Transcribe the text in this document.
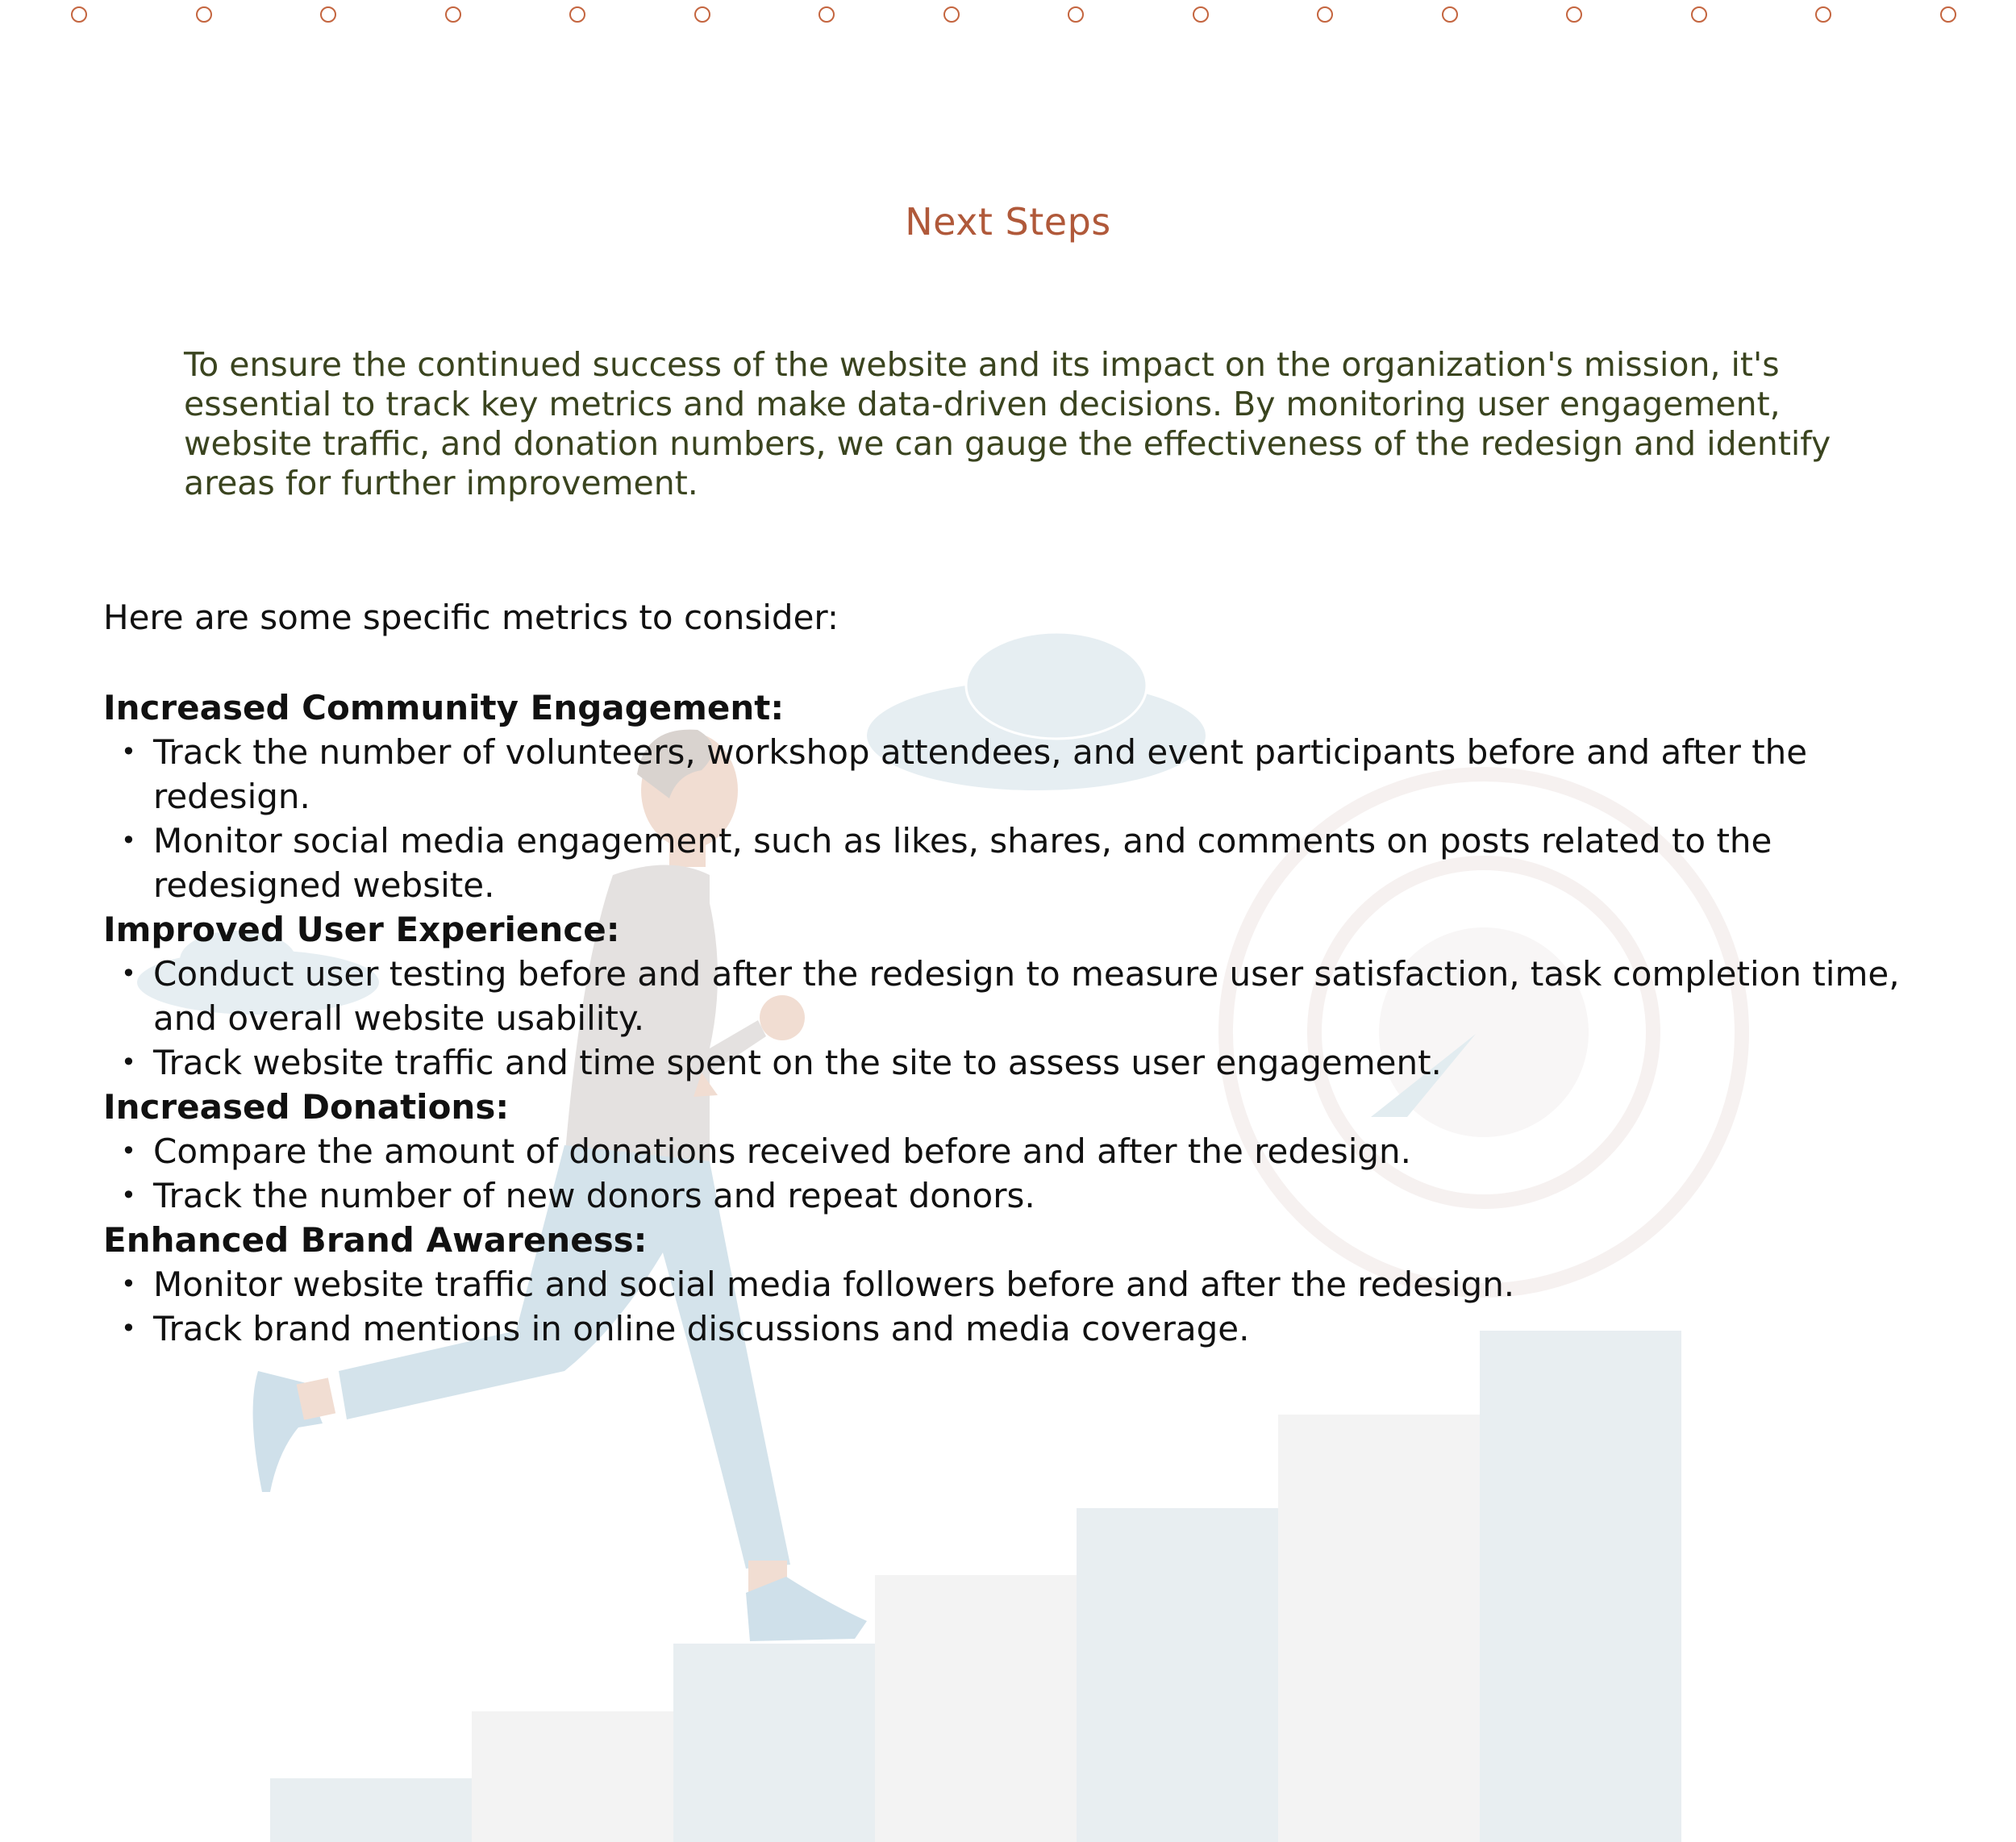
Next Steps

To ensure the continued success of the website and its impact on the organization's mission, it's essential to track key metrics and make data-driven decisions. By monitoring user engagement, website traffic, and donation numbers, we can gauge the effectiveness of the redesign and identify areas for further improvement.

Here are some specific metrics to consider:

Increased Community Engagement:

• Track the number of volunteers, workshop attendees, and event participants before and after the redesign.
• Monitor social media engagement, such as likes, shares, and comments on posts related to the redesigned website.

Improved User Experience:

• Conduct user testing before and after the redesign to measure user satisfaction, task completion time, and overall website usability.
• Track website traffic and time spent on the site to assess user engagement.

Increased Donations:

• Compare the amount of donations received before and after the redesign.
• Track the number of new donors and repeat donors.

Enhanced Brand Awareness:

• Monitor website traffic and social media followers before and after the redesign.
• Track brand mentions in online discussions and media coverage.
